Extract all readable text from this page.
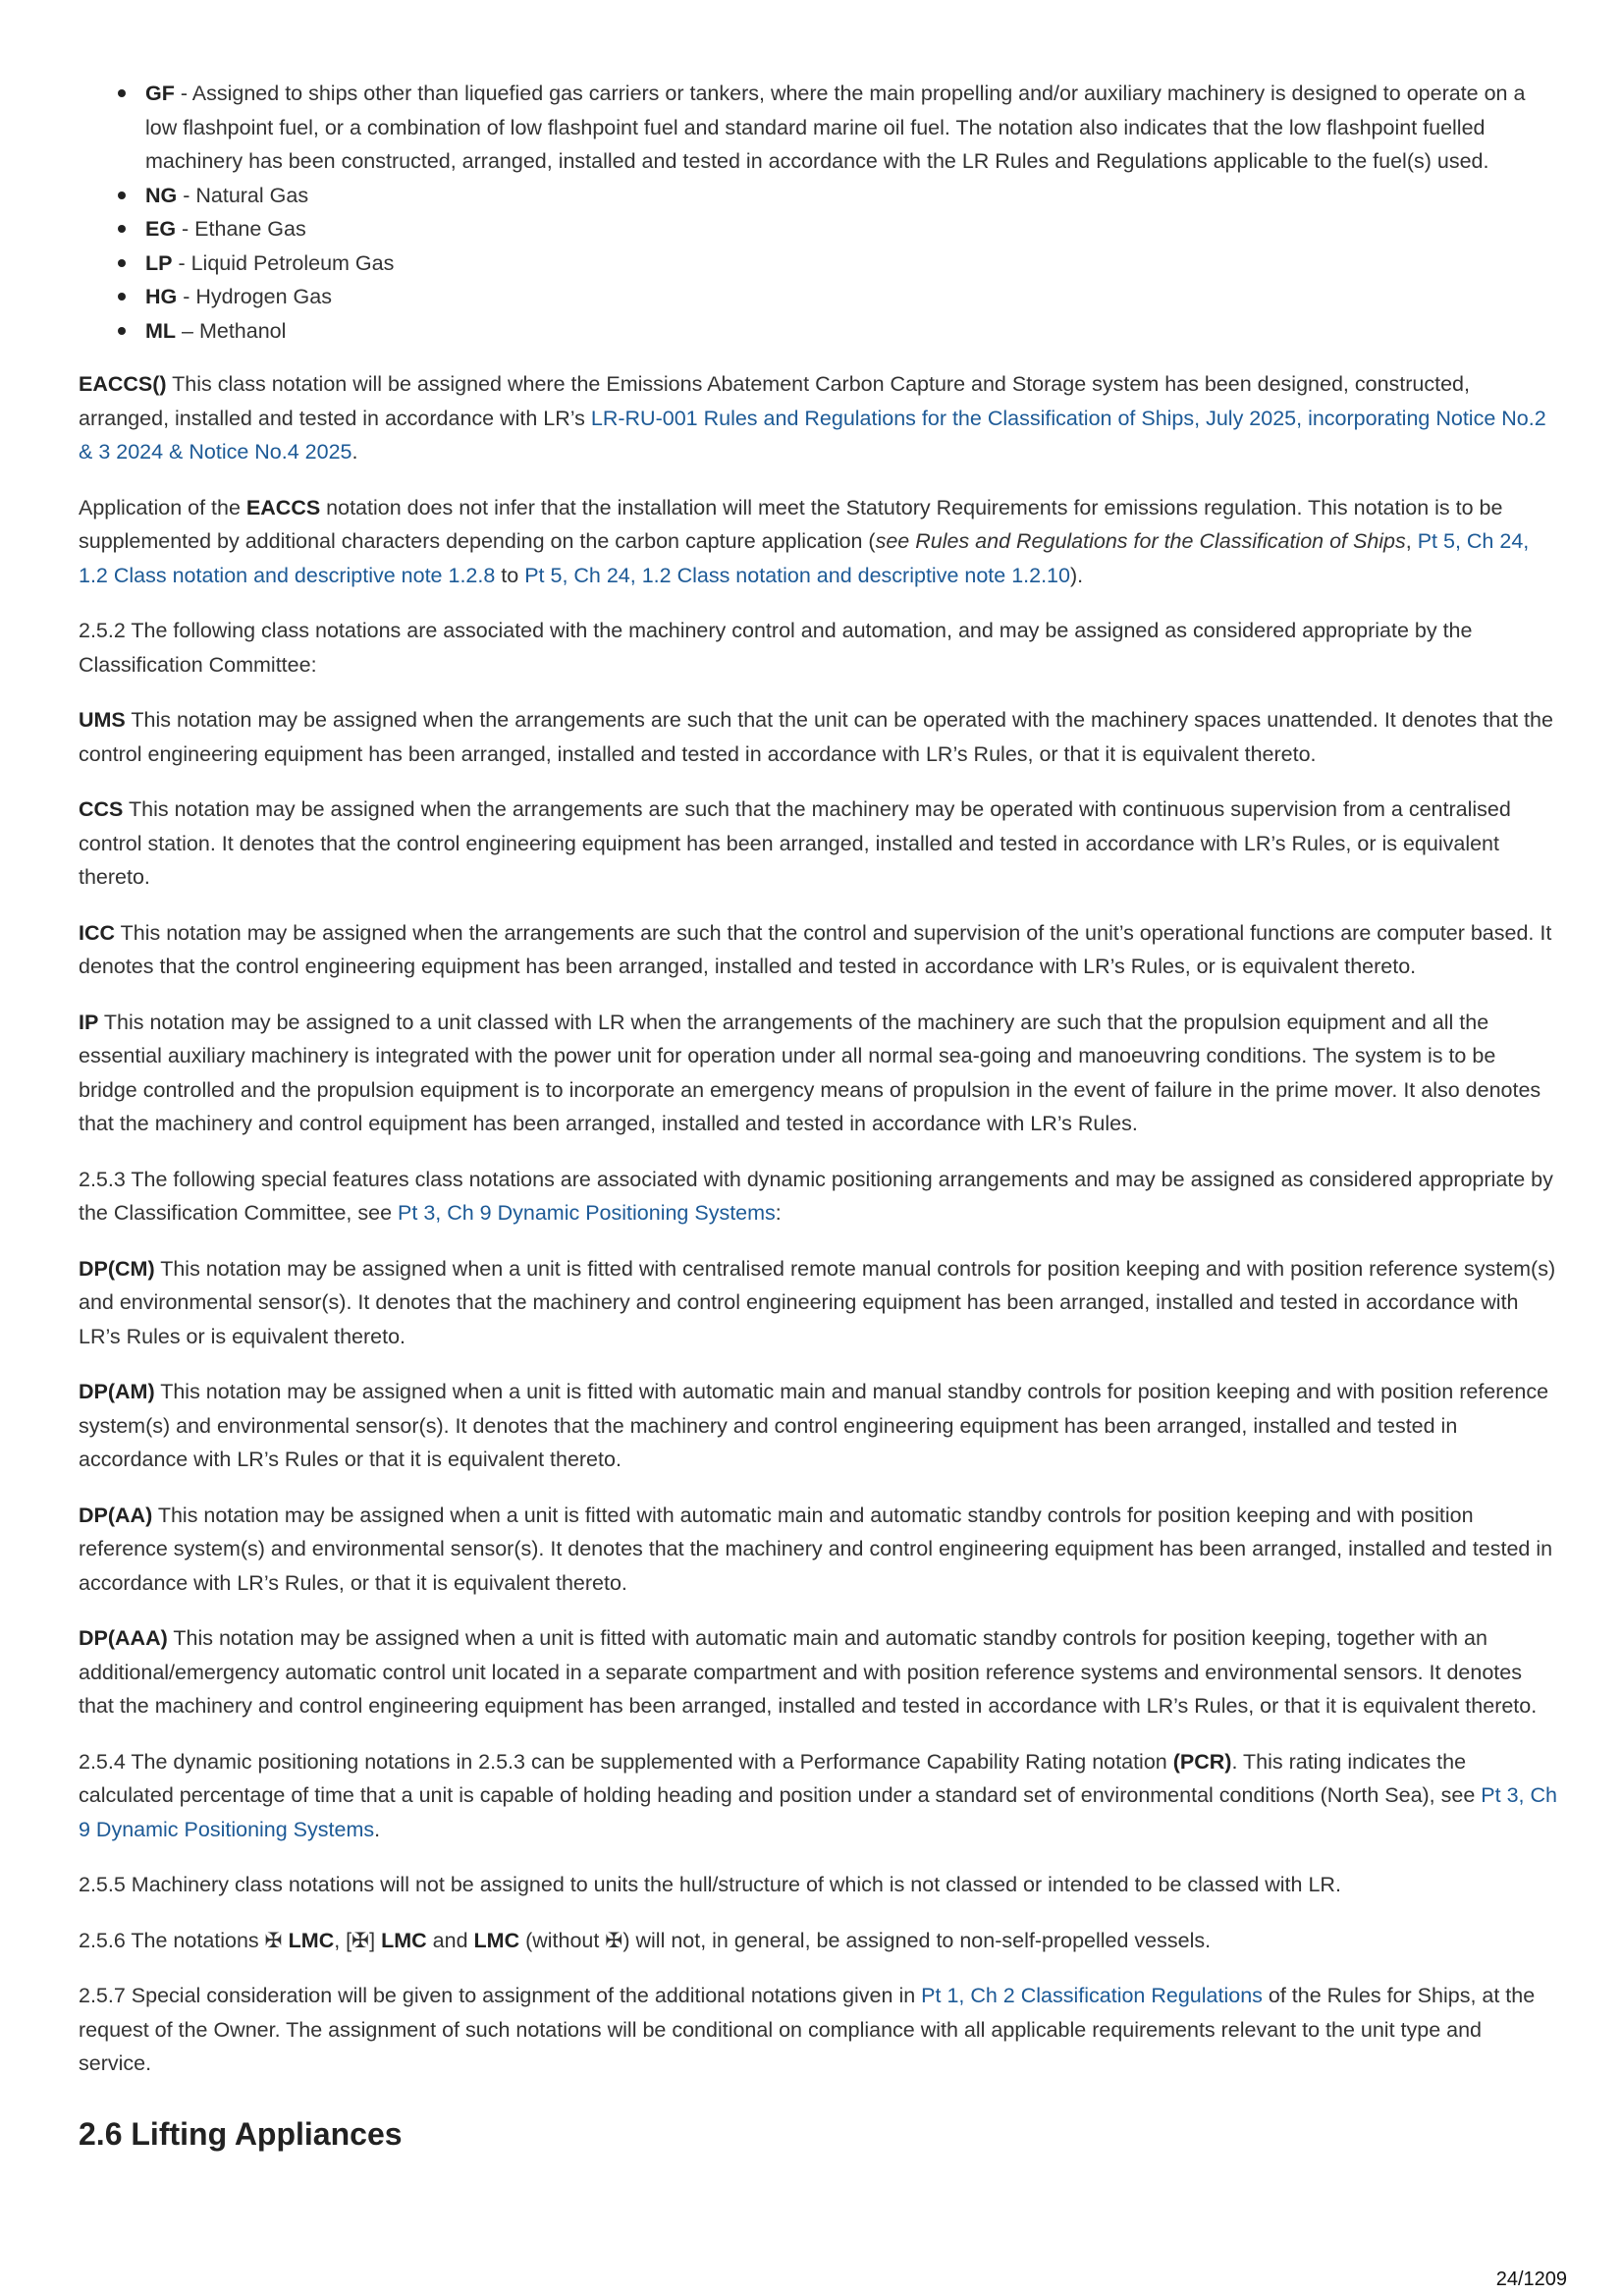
GF - Assigned to ships other than liquefied gas carriers or tankers, where the main propelling and/or auxiliary machinery is designed to operate on a low flashpoint fuel, or a combination of low flashpoint fuel and standard marine oil fuel. The notation also indicates that the low flashpoint fuelled machinery has been constructed, arranged, installed and tested in accordance with the LR Rules and Regulations applicable to the fuel(s) used.
NG - Natural Gas
EG - Ethane Gas
LP - Liquid Petroleum Gas
HG - Hydrogen Gas
ML – Methanol

EACCS() This class notation will be assigned where the Emissions Abatement Carbon Capture and Storage system has been designed, constructed, arranged, installed and tested in accordance with LR’s LR-RU-001 Rules and Regulations for the Classification of Ships, July 2025, incorporating Notice No.2 & 3 2024 & Notice No.4 2025.

Application of the EACCS notation does not infer that the installation will meet the Statutory Requirements for emissions regulation. This notation is to be supplemented by additional characters depending on the carbon capture application (see Rules and Regulations for the Classification of Ships, Pt 5, Ch 24, 1.2 Class notation and descriptive note 1.2.8 to Pt 5, Ch 24, 1.2 Class notation and descriptive note 1.2.10).

2.5.2 The following class notations are associated with the machinery control and automation, and may be assigned as considered appropriate by the Classification Committee:

UMS This notation may be assigned when the arrangements are such that the unit can be operated with the machinery spaces unattended. It denotes that the control engineering equipment has been arranged, installed and tested in accordance with LR’s Rules, or that it is equivalent thereto.

CCS This notation may be assigned when the arrangements are such that the machinery may be operated with continuous supervision from a centralised control station. It denotes that the control engineering equipment has been arranged, installed and tested in accordance with LR’s Rules, or is equivalent thereto.

ICC This notation may be assigned when the arrangements are such that the control and supervision of the unit’s operational functions are computer based. It denotes that the control engineering equipment has been arranged, installed and tested in accordance with LR’s Rules, or is equivalent thereto.

IP This notation may be assigned to a unit classed with LR when the arrangements of the machinery are such that the propulsion equipment and all the essential auxiliary machinery is integrated with the power unit for operation under all normal sea-going and manoeuvring conditions. The system is to be bridge controlled and the propulsion equipment is to incorporate an emergency means of propulsion in the event of failure in the prime mover. It also denotes that the machinery and control equipment has been arranged, installed and tested in accordance with LR’s Rules.

2.5.3 The following special features class notations are associated with dynamic positioning arrangements and may be assigned as considered appropriate by the Classification Committee, see Pt 3, Ch 9 Dynamic Positioning Systems:

DP(CM) This notation may be assigned when a unit is fitted with centralised remote manual controls for position keeping and with position reference system(s) and environmental sensor(s). It denotes that the machinery and control engineering equipment has been arranged, installed and tested in accordance with LR’s Rules or is equivalent thereto.

DP(AM) This notation may be assigned when a unit is fitted with automatic main and manual standby controls for position keeping and with position reference system(s) and environmental sensor(s). It denotes that the machinery and control engineering equipment has been arranged, installed and tested in accordance with LR’s Rules or that it is equivalent thereto.

DP(AA) This notation may be assigned when a unit is fitted with automatic main and automatic standby controls for position keeping and with position reference system(s) and environmental sensor(s). It denotes that the machinery and control engineering equipment has been arranged, installed and tested in accordance with LR’s Rules, or that it is equivalent thereto.

DP(AAA) This notation may be assigned when a unit is fitted with automatic main and automatic standby controls for position keeping, together with an additional/emergency automatic control unit located in a separate compartment and with position reference systems and environmental sensors. It denotes that the machinery and control engineering equipment has been arranged, installed and tested in accordance with LR’s Rules, or that it is equivalent thereto.

2.5.4 The dynamic positioning notations in 2.5.3 can be supplemented with a Performance Capability Rating notation (PCR). This rating indicates the calculated percentage of time that a unit is capable of holding heading and position under a standard set of environmental conditions (North Sea), see Pt 3, Ch 9 Dynamic Positioning Systems.

2.5.5 Machinery class notations will not be assigned to units the hull/structure of which is not classed or intended to be classed with LR.

2.5.6 The notations ✠ LMC, [✠] LMC and LMC (without ✠) will not, in general, be assigned to non-self-propelled vessels.

2.5.7 Special consideration will be given to assignment of the additional notations given in Pt 1, Ch 2 Classification Regulations of the Rules for Ships, at the request of the Owner. The assignment of such notations will be conditional on compliance with all applicable requirements relevant to the unit type and service.

2.6 Lifting Appliances
24/1209
